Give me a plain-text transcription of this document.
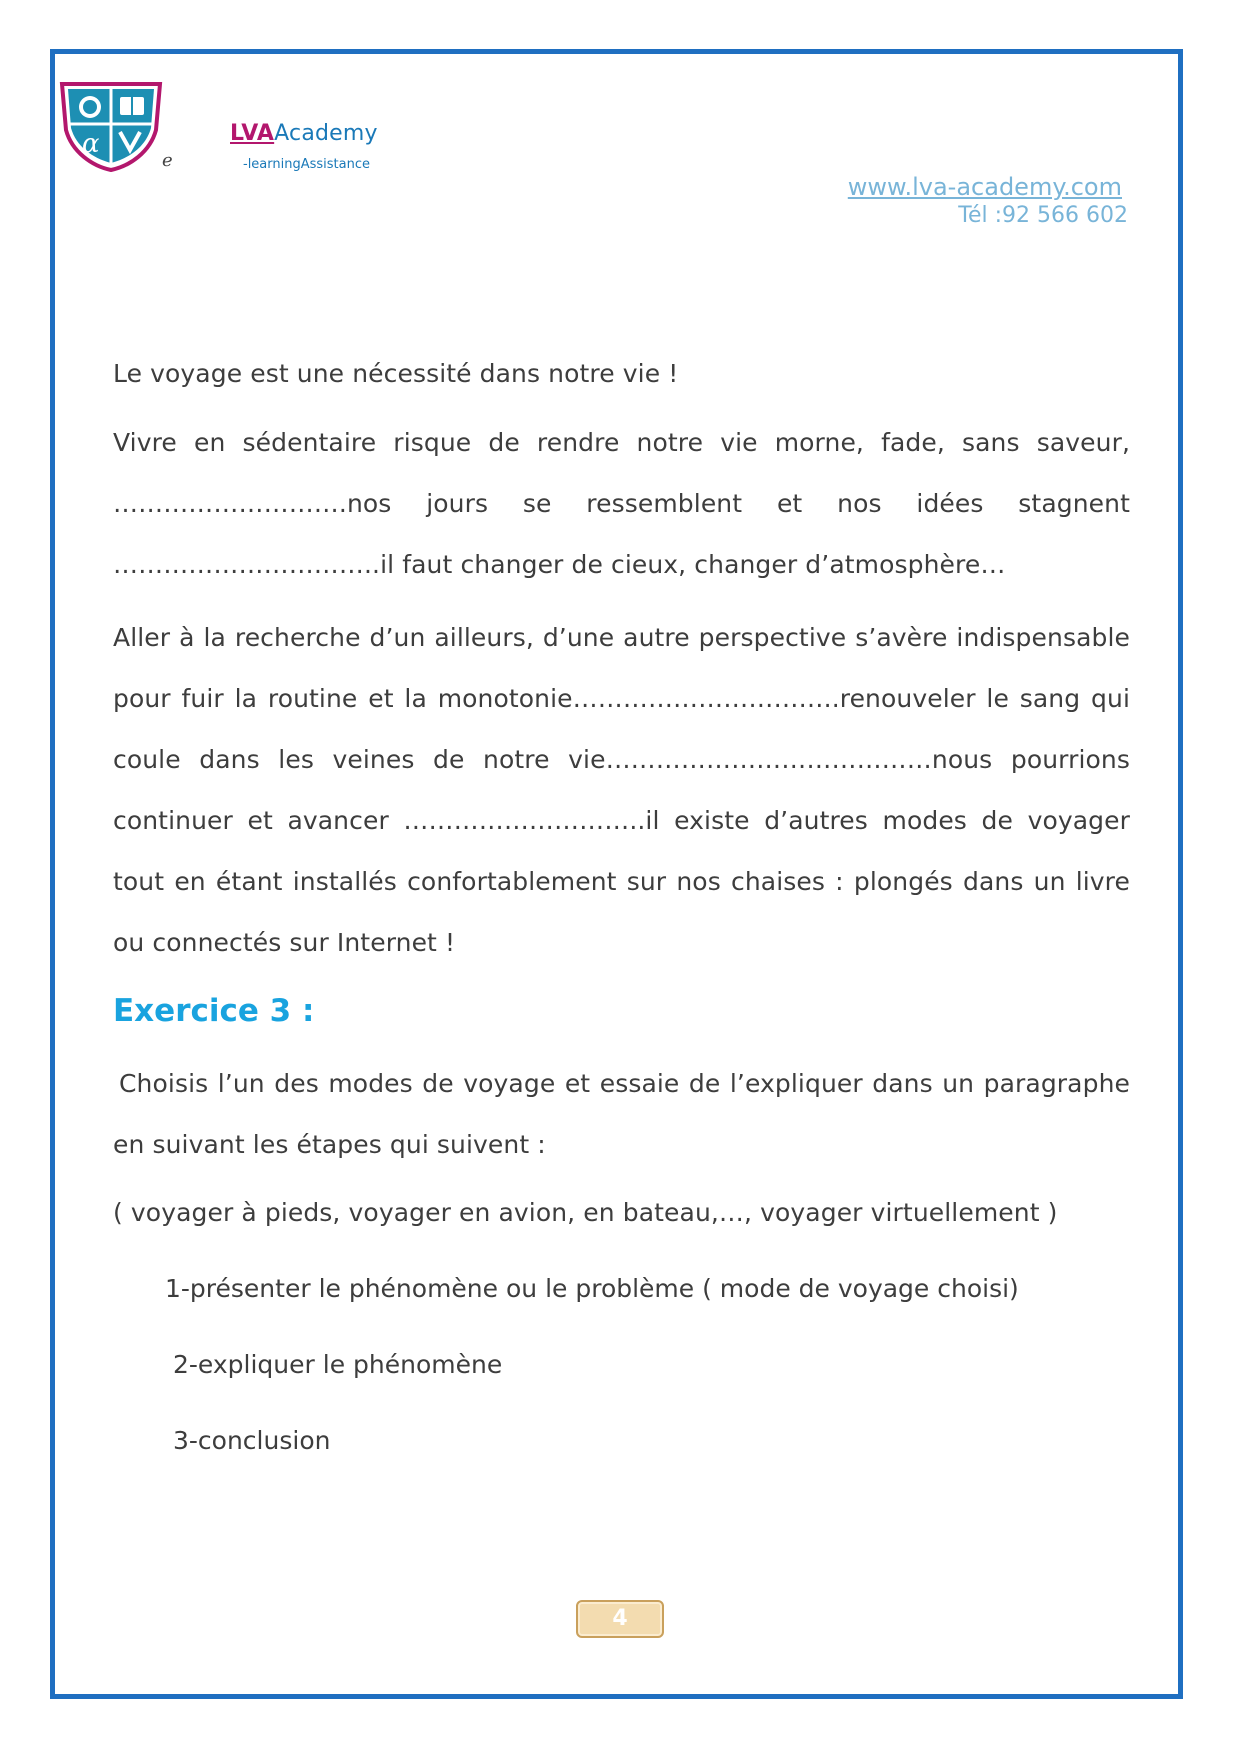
α
e
LVAAcademy
-learningAssistance
www.lva-academy.com
Tél :92 566 602

Le voyage est une nécessité dans notre vie !

Vivre en sédentaire risque de rendre notre vie morne, fade, sans saveur, ……………………….nos jours se ressemblent et nos idées stagnent …………………………..il faut changer de cieux, changer d’atmosphère…

Aller à la recherche d’un ailleurs, d’une autre perspective s’avère indispensable pour fuir la routine et la monotonie…………………………..renouveler le sang qui coule dans les veines de notre vie…………………………………nous pourrions continuer et avancer ………………………..il existe d’autres modes de voyager tout en étant installés confortablement sur nos chaises : plongés dans un livre ou connectés sur Internet !

Exercice 3 :

Choisis l’un des modes de voyage et essaie de l’expliquer dans un paragraphe en suivant les étapes qui suivent :

( voyager à pieds, voyager en avion, en bateau,…, voyager virtuellement )

1-présenter le phénomène ou le problème ( mode de voyage choisi)

2-expliquer le phénomène

3-conclusion

4
